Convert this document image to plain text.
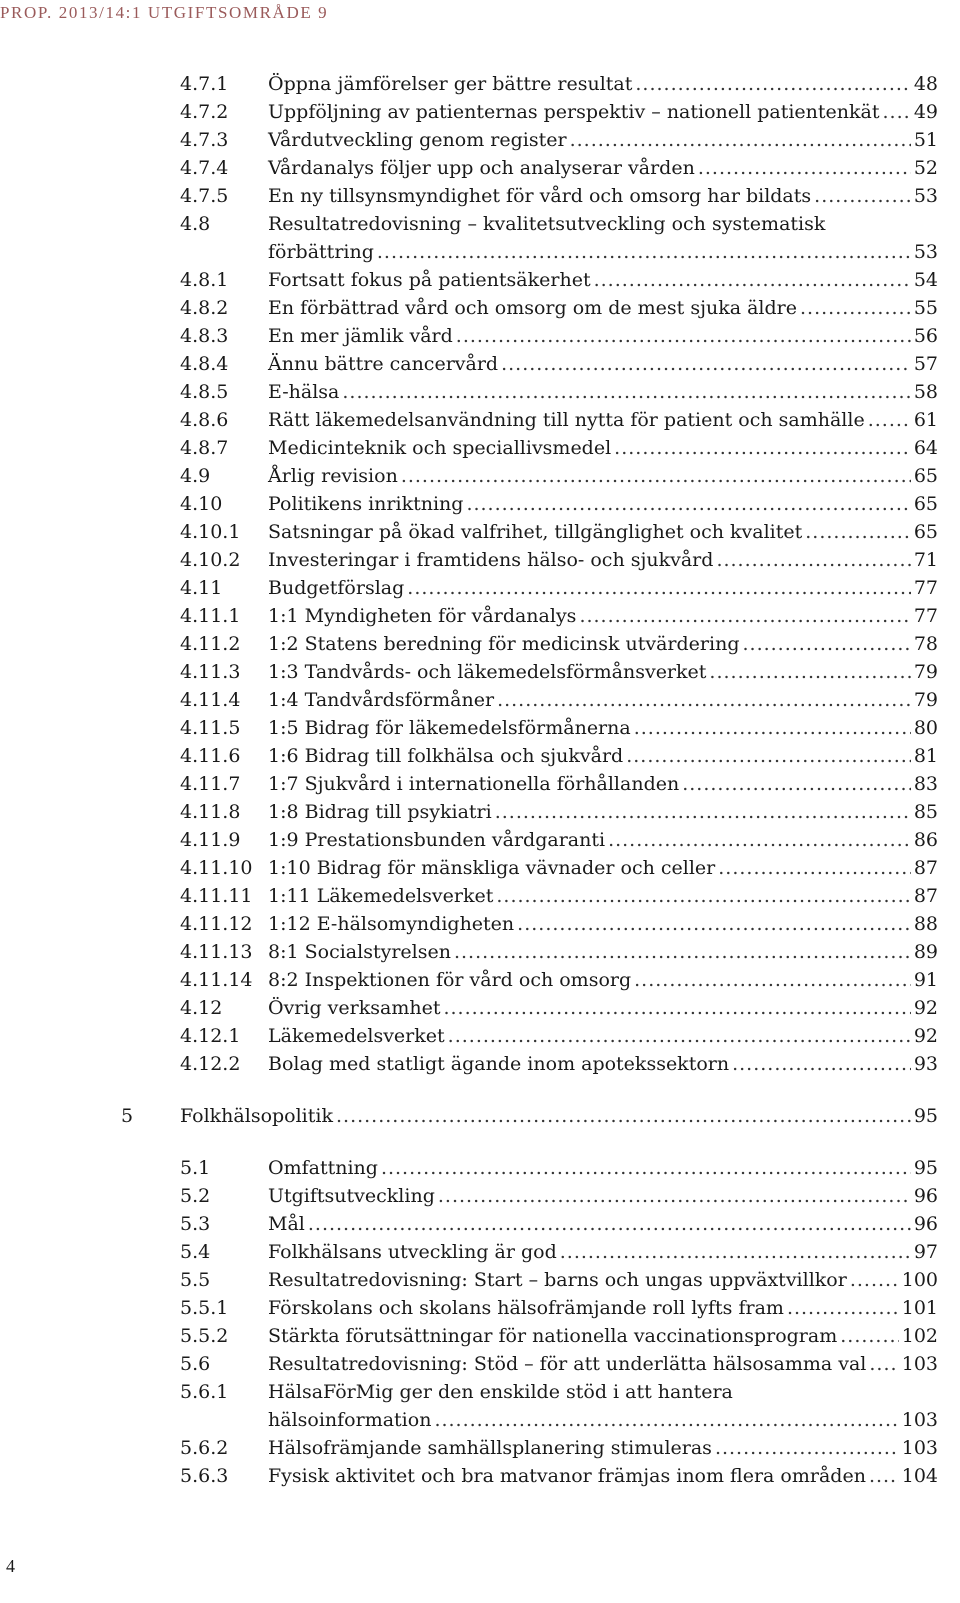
PROP. 2013/14:1 UTGIFTSOMRÅDE 9
4.7.1 Öppna jämförelser ger bättre resultat .....	48
4.7.2 Uppföljning av patienternas perspektiv – nationell patientenkät ..... 49
4.7.3 Vårdutveckling genom register .....	51
4.7.4 Vårdanalys följer upp och analyserar vården .....	52
4.7.5 En ny tillsynsmyndighet för vård och omsorg har bildats .....	53
4.8	Resultatredovisning – kvalitetsutveckling och systematisk
förbättring .....	53
4.8.1 Fortsatt fokus på patientsäkerhet .....	54
4.8.2 En förbättrad vård och omsorg om de mest sjuka äldre .....	55
4.8.3 En mer jämlik vård .....	56
4.8.4 Ännu bättre cancervård .....	57
4.8.5 E-hälsa .....	58
4.8.6 Rätt läkemedelsanvändning till nytta för patient och samhälle .....	61
4.8.7 Medicinteknik och speciallivsmedel .....	64
4.9	Årlig revision .....	65
4.10 Politikens inriktning .....	65
4.10.1 Satsningar på ökad valfrihet, tillgänglighet och kvalitet .....	65
4.10.2 Investeringar i framtidens hälso- och sjukvård .....	71
4.11 Budgetförslag .....	77
4.11.1 1:1 Myndigheten för vårdanalys .....	77
4.11.2 1:2 Statens beredning för medicinsk utvärdering .....	78
4.11.3 1:3 Tandvårds- och läkemedelsförmånsverket .....	79
4.11.4 1:4 Tandvårdsförmåner .....	79
4.11.5 1:5 Bidrag för läkemedelsförmånerna .....	80
4.11.6 1:6 Bidrag till folkhälsa och sjukvård .....	81
4.11.7 1:7 Sjukvård i internationella förhållanden .....	83
4.11.8 1:8 Bidrag till psykiatri .....	85
4.11.9 1:9 Prestationsbunden vårdgaranti .....	86
4.11.10 1:10 Bidrag för mänskliga vävnader och celler .....	87
4.11.11 1:11 Läkemedelsverket .....	87
4.11.12 1:12 E-hälsomyndigheten .....	88
4.11.13 8:1 Socialstyrelsen .....	89
4.11.14 8:2 Inspektionen för vård och omsorg .....	91
4.12 Övrig verksamhet .....	92
4.12.1 Läkemedelsverket .....	92
4.12.2 Bolag med statligt ägande inom apotekssektorn .....	93
5 Folkhälsopolitik .....	95
5.1	Omfattning .....	95
5.2	Utgiftsutveckling .....	96
5.3	Mål .....	96
5.4	Folkhälsans utveckling är god .....	97
5.5	Resultatredovisning: Start – barns och ungas uppväxtvillkor .....	100
5.5.1 Förskolans och skolans hälsofrämjande roll lyfts fram .....	101
5.5.2 Stärkta förutsättningar för nationella vaccinationsprogram .....	102
5.6	Resultatredovisning: Stöd – för att underlätta hälsosamma val ..... 103
5.6.1 HälsaFörMig ger den enskilde stöd i att hantera
hälsoinformation .....	103
5.6.2 Hälsofrämjande samhällsplanering stimuleras .....	103
5.6.3 Fysisk aktivitet och bra matvanor främjas inom flera områden ..... 104
4
